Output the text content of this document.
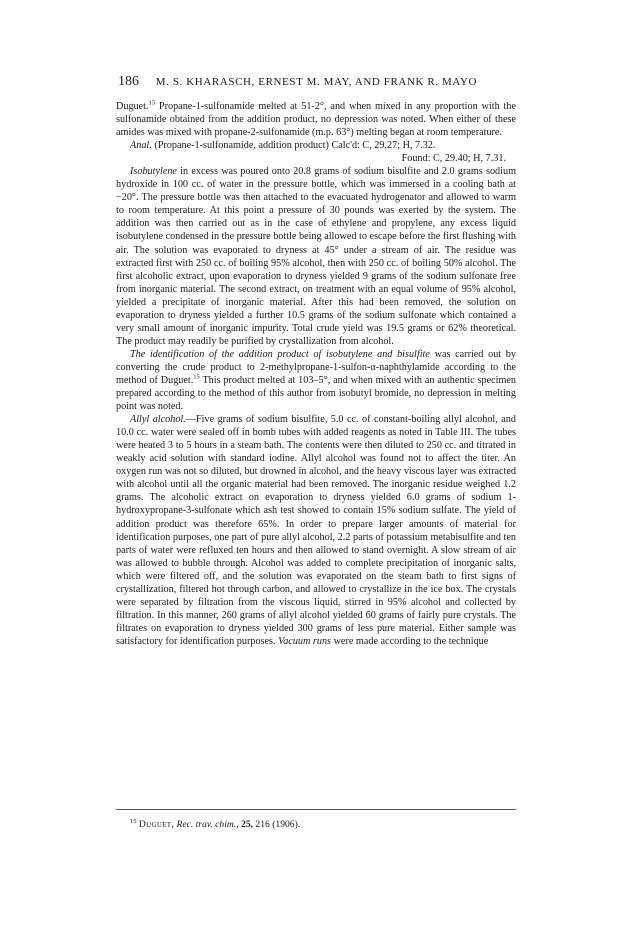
186 M. S. KHARASCH, ERNEST M. MAY, AND FRANK R. MAYO

Duguet.$^{15}$ Propane-1-sulfonamide melted at 51-2°, and when mixed in any proportion with the sulfonamide obtained from the addition product, no depression was noted. When either of these amides was mixed with propane-2-sulfonamide (m.p. 63°) melting began at room temperature.

Anal. (Propane-1-sulfonamide, addition product) Calc'd: C, 29,27; H, 7.32.

Found: C, 29.40; H, 7.31.

Isobutylene in excess was poured onto 20.8 grams of sodium bisulfite and 2.0 grams sodium hydroxide in 100 cc. of water in the pressure bottle, which was immersed in a cooling bath at −20°. The pressure bottle was then attached to the evacuated hydrogenator and allowed to warm to room temperature. At this point a pressure of 30 pounds was exerted by the system. The addition was then carried out as in the case of ethylene and propylene, any excess liquid isobutylene condensed in the pressure bottle being allowed to escape before the first flushing with air. The solution was evaporated to dryness at 45° under a stream of air. The residue was extracted first with 250 cc. of boiling 95% alcohol, then with 250 cc. of boiling 50% alcohol. The first alcoholic extract, upon evaporation to dryness yielded 9 grams of the sodium sulfonate free from inorganic material. The second extract, on treatment with an equal volume of 95% alcohol, yielded a precipitate of inorganic material. After this had been removed, the solution on evaporation to dryness yielded a further 10.5 grams of the sodium sulfonate which contained a very small amount of inorganic impurity. Total crude yield was 19.5 grams or 62% theoretical. The product may readily be purified by crystallization from alcohol.

The identification of the addition product of isobutylene and bisulfite was carried out by converting the crude product to 2-methylpropane-1-sulfon-α-naphthylamide according to the method of Duguet.$^{15}$ This product melted at 103–5°, and when mixed with an authentic specimen prepared according to the method of this author from isobutyl bromide, no depression in melting point was noted.

Allyl alcohol.—Five grams of sodium bisulfite, 5.0 cc. of constant-boiling allyl alcohol, and 10.0 cc. water were sealed off in bomb tubes with added reagents as noted in Table III. The tubes were heated 3 to 5 hours in a steam bath. The contents were then diluted to 250 cc. and titrated in weakly acid solution with standard iodine. Allyl alcohol was found not to affect the titer. An oxygen run was not so diluted, but drowned in alcohol, and the heavy viscous layer was extracted with alcohol until all the organic material had been removed. The inorganic residue weighed 1.2 grams. The alcoholic extract on evaporation to dryness yielded 6.0 grams of sodium 1-hydroxypropane-3-sulfonate which ash test showed to contain 15% sodium sulfate. The yield of addition product was therefore 65%. In order to prepare larger amounts of material for identification purposes, one part of pure allyl alcohol, 2.2 parts of potassium metabisulfite and ten parts of water were refluxed ten hours and then allowed to stand overnight. A slow stream of air was allowed to bubble through. Alcohol was added to complete precipitation of inorganic salts, which were filtered off, and the solution was evaporated on the steam bath to first signs of crystallization, filtered hot through carbon, and allowed to crystallize in the ice box. The crystals were separated by filtration from the viscous liquid, stirred in 95% alcohol and collected by filtration. In this manner, 260 grams of allyl alcohol yielded 60 grams of fairly pure crystals. The filtrates on evaporation to dryness yielded 300 grams of less pure material. Either sample was satisfactory for identification purposes. Vacuum runs were made according to the technique

$^{15}$ Duguet, Rec. trav. chim., 25, 216 (1906).
